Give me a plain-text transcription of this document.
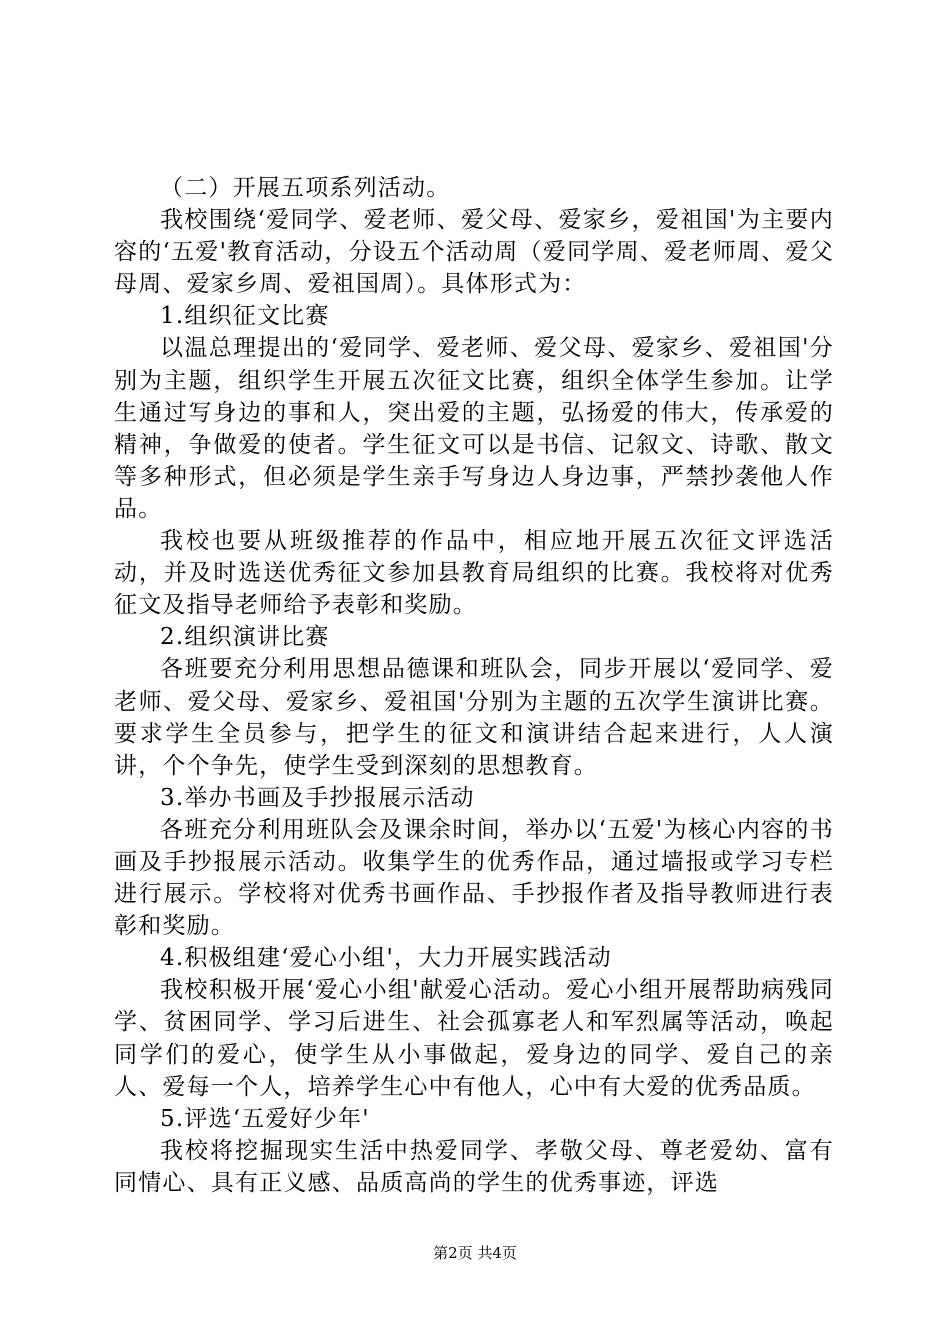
（二）开展五项系列活动。

我校围绕‘爱同学、爱老师、爱父母、爱家乡，爱祖国'为主要内容的‘五爱'教育活动，分设五个活动周（爱同学周、爱老师周、爱父母周、爱家乡周、爱祖国周）。具体形式为：

1.组织征文比赛

以温总理提出的‘爱同学、爱老师、爱父母、爱家乡、爱祖国'分别为主题，组织学生开展五次征文比赛，组织全体学生参加。让学生通过写身边的事和人，突出爱的主题，弘扬爱的伟大，传承爱的精神，争做爱的使者。学生征文可以是书信、记叙文、诗歌、散文等多种形式，但必须是学生亲手写身边人身边事，严禁抄袭他人作品。

我校也要从班级推荐的作品中，相应地开展五次征文评选活动，并及时选送优秀征文参加县教育局组织的比赛。我校将对优秀征文及指导老师给予表彰和奖励。

2.组织演讲比赛

各班要充分利用思想品德课和班队会，同步开展以‘爱同学、爱老师、爱父母、爱家乡、爱祖国'分别为主题的五次学生演讲比赛。要求学生全员参与，把学生的征文和演讲结合起来进行，人人演讲，个个争先，使学生受到深刻的思想教育。

3.举办书画及手抄报展示活动

各班充分利用班队会及课余时间，举办以‘五爱'为核心内容的书画及手抄报展示活动。收集学生的优秀作品，通过墙报或学习专栏进行展示。学校将对优秀书画作品、手抄报作者及指导教师进行表彰和奖励。

4.积极组建‘爱心小组'，大力开展实践活动

我校积极开展‘爱心小组'献爱心活动。爱心小组开展帮助病残同学、贫困同学、学习后进生、社会孤寡老人和军烈属等活动，唤起同学们的爱心，使学生从小事做起，爱身边的同学、爱自己的亲人、爱每一个人，培养学生心中有他人，心中有大爱的优秀品质。

5.评选‘五爱好少年'

我校将挖掘现实生活中热爱同学、孝敬父母、尊老爱幼、富有同情心、具有正义感、品质高尚的学生的优秀事迹，评选

第2页 共4页
